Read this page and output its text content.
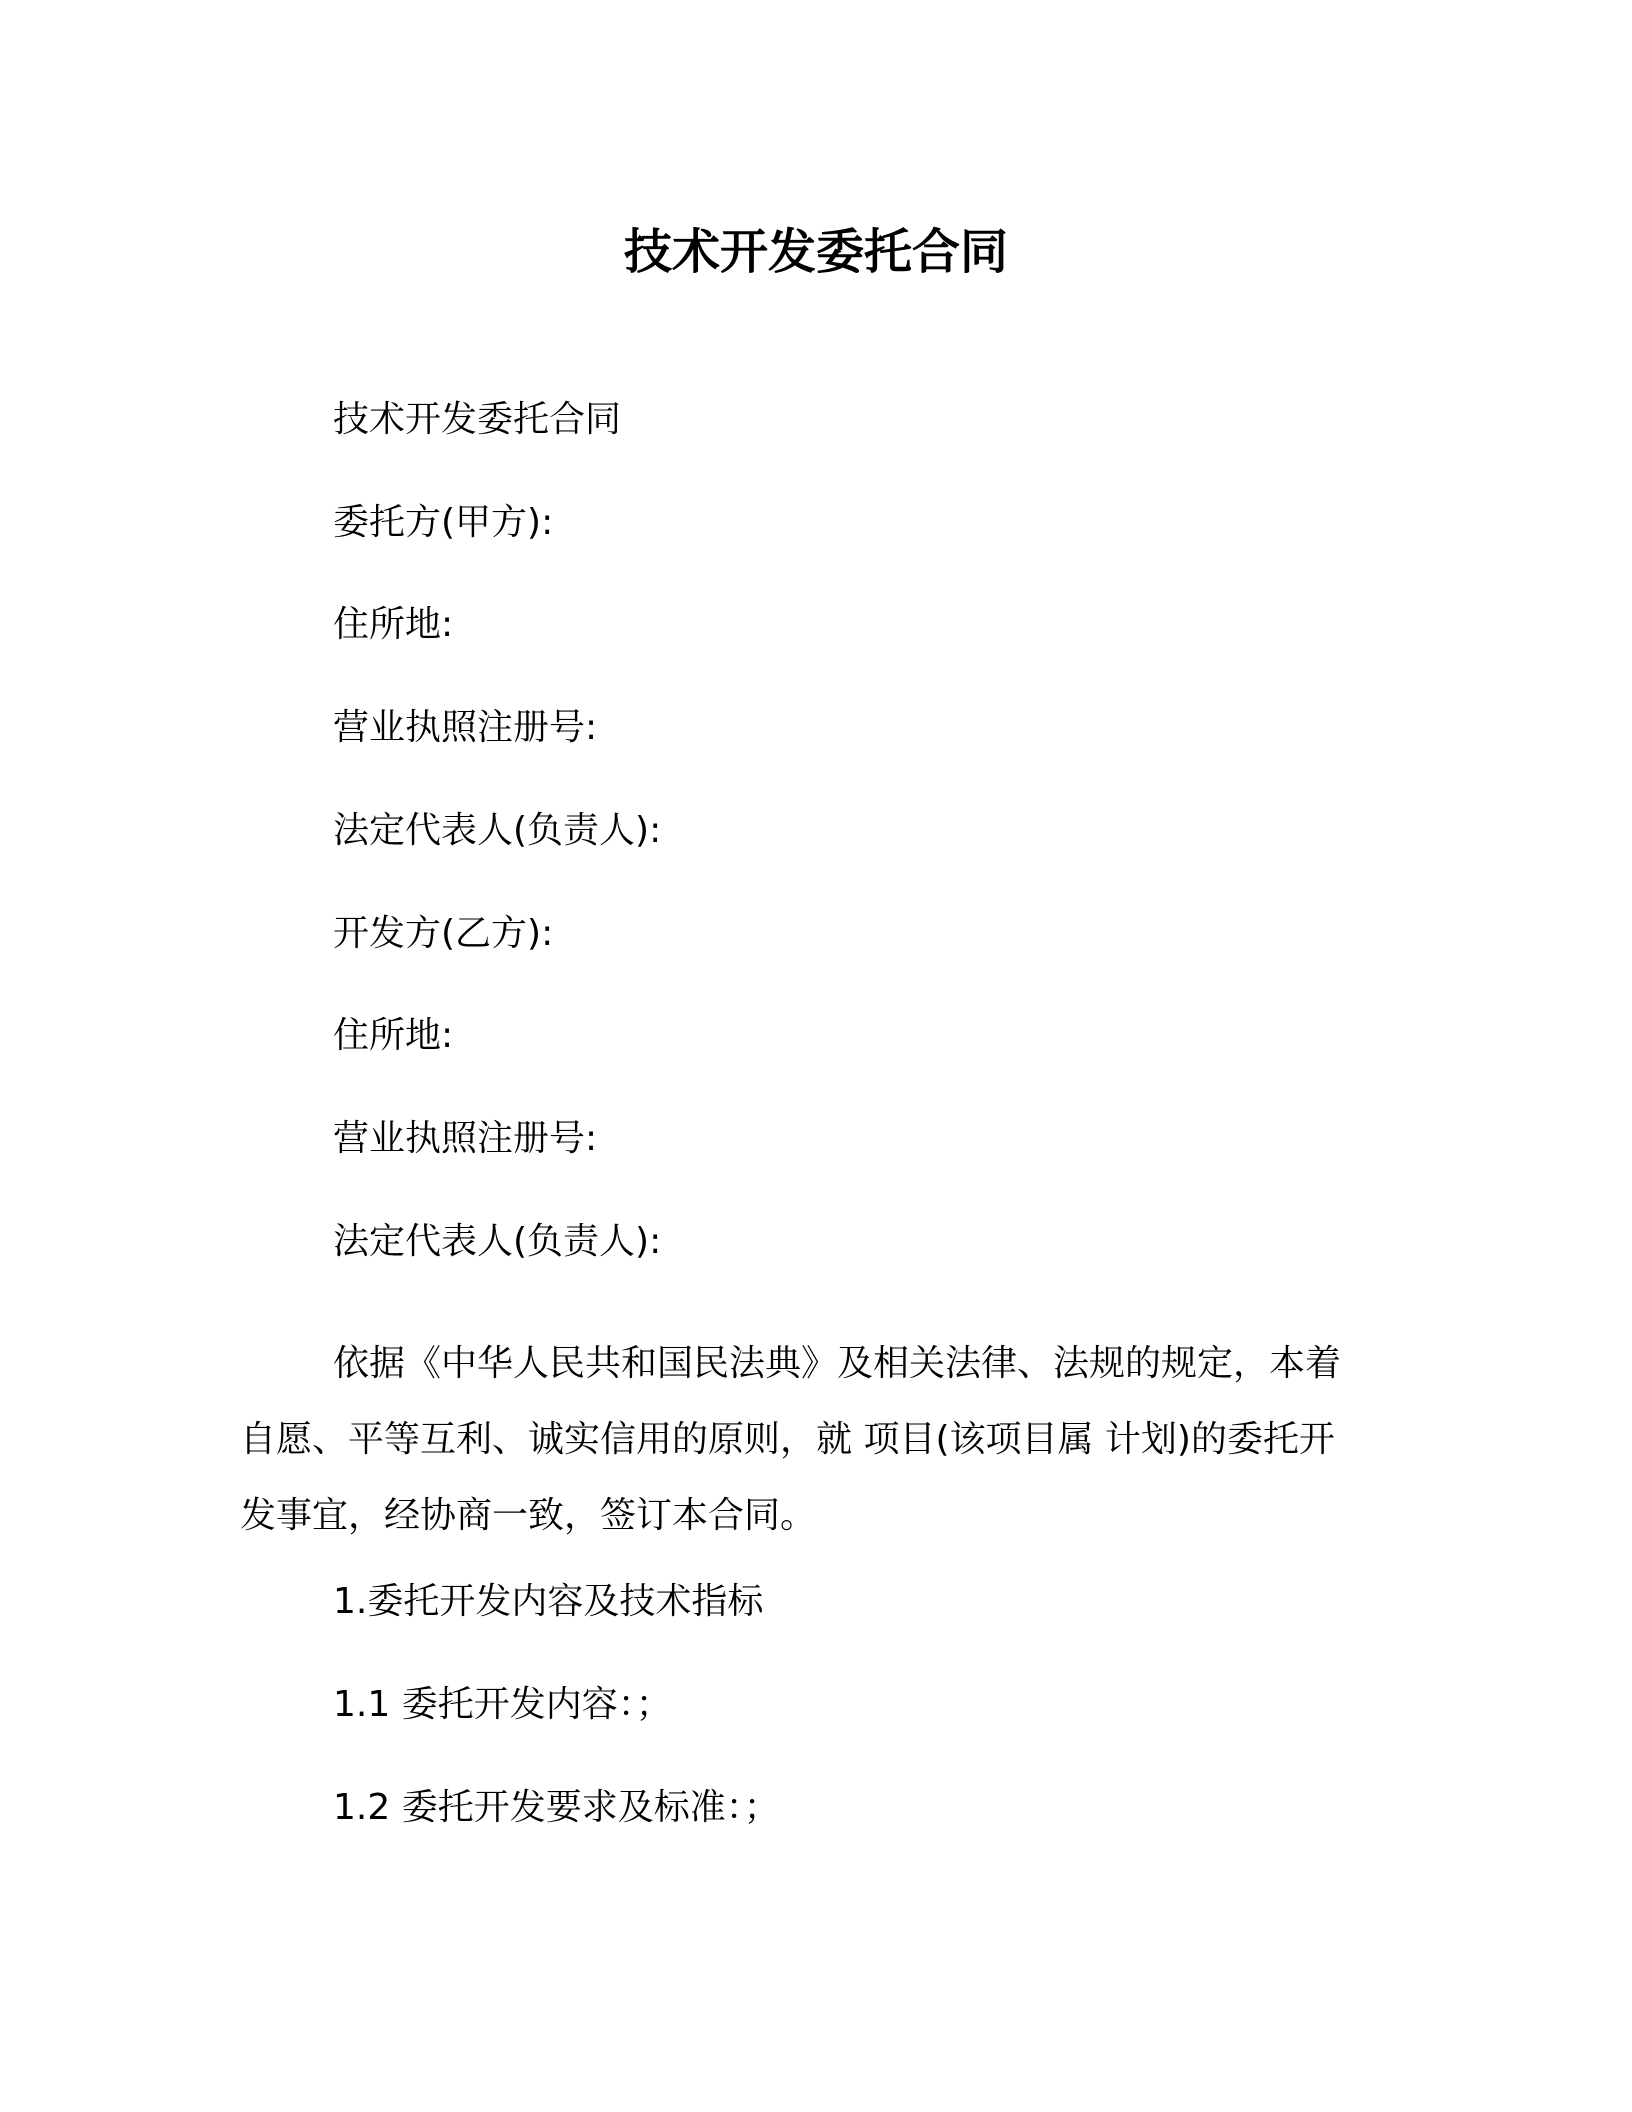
技术开发委托合同
技术开发委托合同
委托方(甲方):
住所地:
营业执照注册号:
法定代表人(负责人):
开发方(乙方):
住所地:
营业执照注册号:
法定代表人(负责人):
依据《中华人民共和国民法典》及相关法律、法规的规定，本着
自愿、平等互利、诚实信用的原则，就 项目(该项目属 计划)的委托开
发事宜，经协商一致，签订本合同。
1.委托开发内容及技术指标
1.1 委托开发内容：；
1.2 委托开发要求及标准：；
